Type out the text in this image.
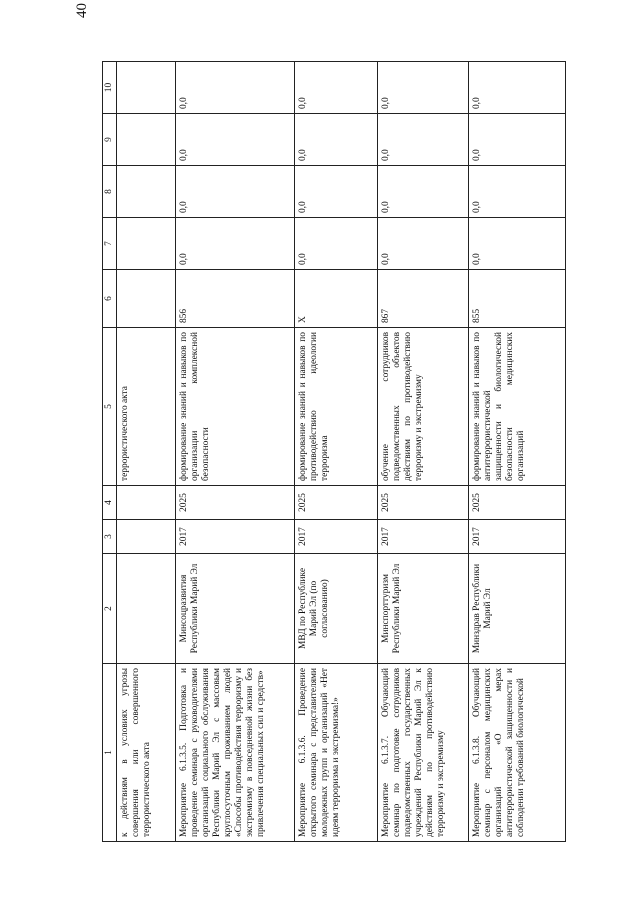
40
1	2	3	4	5	6	7	8	9	10
к действиям в условиях угрозы совершения или совершенного террористического акта				террористического акта					
Мероприятие 6.1.3.5. Подготовка и проведение семинара с руководителями организаций социального обслуживания Республики Марий Эл с массовым круглосуточным проживанием людей «Способы противодействия терроризму и экстремизму в повседневной жизни без привлечения специальных сил и средств»	Минсоцразвития Республики Марий Эл	2017	2025	формирование знаний и навыков по организации комплексной безопасности	856	0,0	0,0	0,0	0,0
Мероприятие 6.1.3.6. Проведение открытого семинара с представителями молодежных групп и организаций «Нет идеям терроризма и экстремизма!»	МВД по Республике Марий Эл (по согласованию)	2017	2025	формирование знаний и навыков по противодействию идеологии терроризма	X	0,0	0,0	0,0	0,0
Мероприятие 6.1.3.7. Обучающий семинар по подготовке сотрудников подведомственных государственных учреждений Республики Марий Эл к действиям по противодействию терроризму и экстремизму	Минспорттуризм Республики Марий Эл	2017	2025	обучение сотрудников подведомственных объектов действиям по противодействию терроризму и экстремизму	867	0,0	0,0	0,0	0,0
Мероприятие 6.1.3.8. Обучающий семинар с персоналом медицинских организаций «О мерах антитеррористической защищенности и соблюдении требований биологической	Минздрав Республики Марий Эл	2017	2025	формирование знаний и навыков по антитеррористической защищенности и биологической безопасности медицинских организаций	855	0,0	0,0	0,0	0,0
